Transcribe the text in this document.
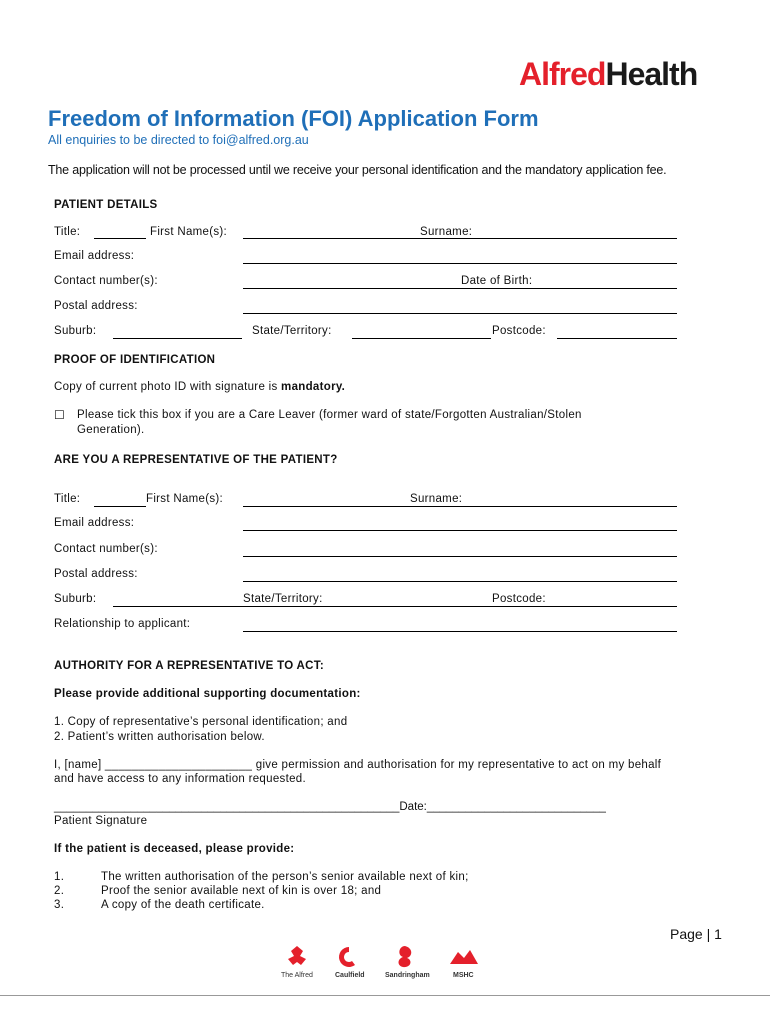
AlfredHealth
Freedom of Information (FOI) Application Form
All enquiries to be directed to foi@alfred.org.au
The application will not be processed until we receive your personal identification and the mandatory application fee.
PATIENT DETAILS
Title:	First Name(s):	Surname:
Email address:
Contact number(s):	Date of Birth:
Postal address:
Suburb:	State/Territory:	Postcode:
PROOF OF IDENTIFICATION
Copy of current photo ID with signature is mandatory.
☐ Please tick this box if you are a Care Leaver (former ward of state/Forgotten Australian/Stolen
Generation).
ARE YOU A REPRESENTATIVE OF THE PATIENT?
Title:	First Name(s):	Surname:
Email address:
Contact number(s):
Postal address:
Suburb:	State/Territory:	Postcode:
Relationship to applicant:
AUTHORITY FOR A REPRESENTATIVE TO ACT:
Please provide additional supporting documentation:
1. Copy of representative’s personal identification; and
2. Patient’s written authorisation below.
I, [name] ______________________ give permission and authorisation for my representative to act on my behalf
and have access to any information requested.
______________________________________________________Date:____________________________
Patient Signature
If the patient is deceased, please provide:
1.	The written authorisation of the person’s senior available next of kin;
2.	Proof the senior available next of kin is over 18; and
3.	A copy of the death certificate.
Page | 1
The Alfred	Caulfield	Sandringham	MSHC
